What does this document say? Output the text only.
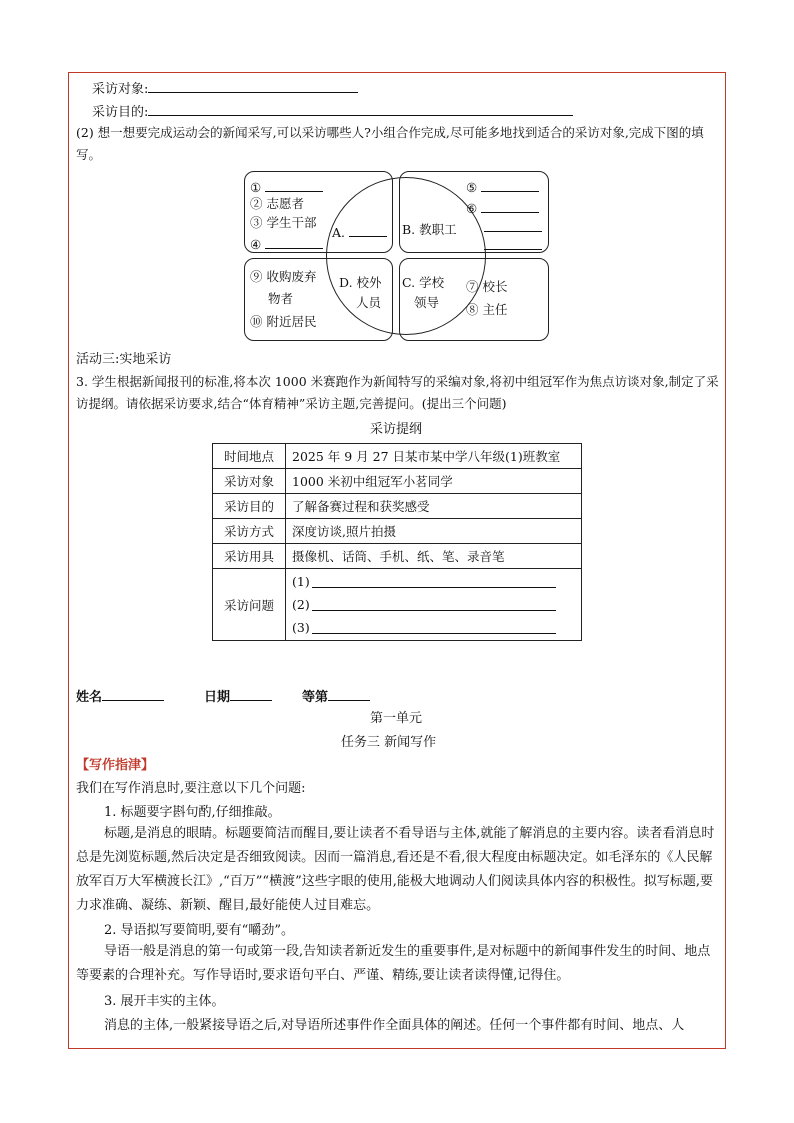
采访对象:
采访目的:
(2) 想一想要完成运动会的新闻采写,可以采访哪些人?小组合作完成,尽可能多地找到适合的采访对象,完成下图的填写。
①
② 志愿者
③ 学生干部
④
A.	B. 教职工
D. 校外
人员
C. 学校
领导
⑤
⑥
⑨ 收购废弃
物者
⑩ 附近居民
⑦ 校长
⑧ 主任
活动三:实地采访
3. 学生根据新闻报刊的标准,将本次 1000 米赛跑作为新闻特写的采编对象,将初中组冠军作为焦点访谈对象,制定了采访提纲。请依据采访要求,结合“体育精神”采访主题,完善提问。(提出三个问题)
采访提纲
时间地点	2025 年 9 月 27 日某市某中学八年级(1)班教室
采访对象	1000 米初中组冠军小茗同学
采访目的	了解备赛过程和获奖感受
采访方式	深度访谈,照片拍摄
采访用具	摄像机、话筒、手机、纸、笔、录音笔
采访问题	(1)
(2)
(3)
姓名	日期	等第
第一单元
任务三 新闻写作
【写作指津】
我们在写作消息时,要注意以下几个问题:
1. 标题要字斟句酌,仔细推敲。
标题,是消息的眼睛。标题要简洁而醒目,要让读者不看导语与主体,就能了解消息的主要内容。读者看消息时总是先浏览标题,然后决定是否细致阅读。因而一篇消息,看还是不看,很大程度由标题决定。如毛泽东的《人民解放军百万大军横渡长江》,“百万”“横渡”这些字眼的使用,能极大地调动人们阅读具体内容的积极性。拟写标题,要力求准确、凝练、新颖、醒目,最好能使人过目难忘。
2. 导语拟写要简明,要有“嚼劲”。
导语一般是消息的第一句或第一段,告知读者新近发生的重要事件,是对标题中的新闻事件发生的时间、地点等要素的合理补充。写作导语时,要求语句平白、严谨、精练,要让读者读得懂,记得住。
3. 展开丰实的主体。
消息的主体,一般紧接导语之后,对导语所述事件作全面具体的阐述。任何一个事件都有时间、地点、人
